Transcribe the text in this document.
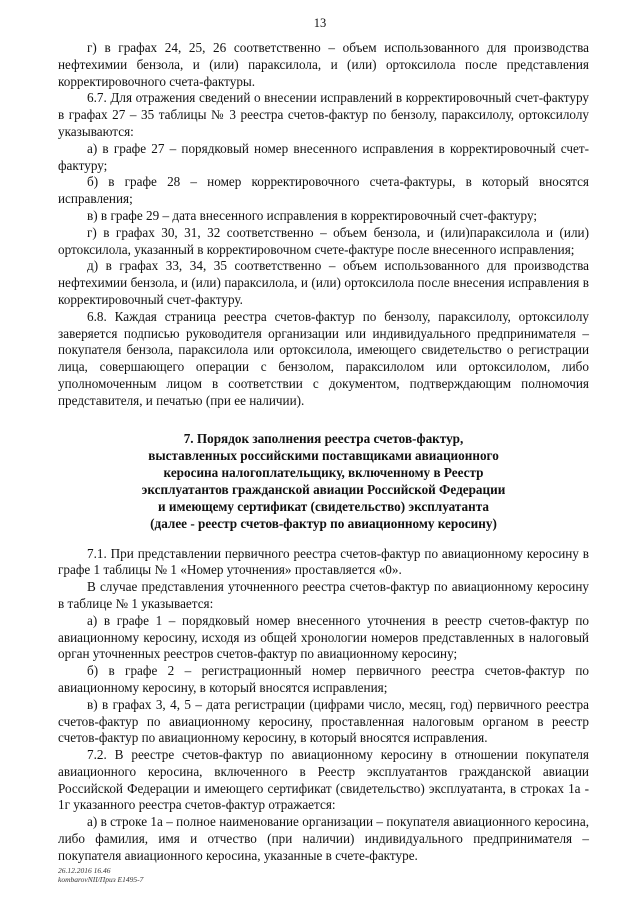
13

г) в графах 24, 25, 26 соответственно – объем использованного для производства нефтехимии бензола, и (или) параксилола, и (или) ортоксилола после представления корректировочного счета-фактуры.

6.7. Для отражения сведений о внесении исправлений в корректировочный счет-фактуру в графах 27 – 35 таблицы № 3 реестра счетов-фактур по бензолу, параксилолу, ортоксилолу указываются:

а) в графе 27 – порядковый номер внесенного исправления в корректировочный счет-фактуру;

б) в графе 28 – номер корректировочного счета-фактуры, в который вносятся исправления;

в) в графе 29 – дата внесенного исправления в корректировочный счет-фактуру;

г) в графах 30, 31, 32 соответственно – объем бензола, и (или)параксилола и (или) ортоксилола, указанный в корректировочном счете-фактуре после внесенного исправления;

д) в графах 33, 34, 35 соответственно – объем использованного для производства нефтехимии бензола, и (или) параксилола, и (или) ортоксилола после внесения исправления в корректировочный счет-фактуру.

6.8. Каждая страница реестра счетов-фактур по бензолу, параксилолу, ортоксилолу заверяется подписью руководителя организации или индивидуального предпринимателя – покупателя бензола, параксилола или ортоксилола, имеющего свидетельство о регистрации лица, совершающего операции с бензолом, параксилолом или ортоксилолом, либо уполномоченным лицом в соответствии с документом, подтверждающим полномочия представителя, и печатью (при ее наличии).

7. Порядок заполнения реестра счетов-фактур,
выставленных российскими поставщиками авиационного
керосина налогоплательщику, включенному в Реестр
эксплуатантов гражданской авиации Российской Федерации
и имеющему сертификат (свидетельство) эксплуатанта
(далее - реестр счетов-фактур по авиационному керосину)

7.1. При представлении первичного реестра счетов-фактур по авиационному керосину в графе 1 таблицы № 1 «Номер уточнения» проставляется «0».

В случае представления уточненного реестра счетов-фактур по авиационному керосину в таблице № 1 указывается:

а) в графе 1 – порядковый номер внесенного уточнения в реестр счетов-фактур по авиационному керосину, исходя из общей хронологии номеров представленных в налоговый орган уточненных реестров счетов-фактур по авиационному керосину;

б) в графе 2 – регистрационный номер первичного реестра счетов-фактур по авиационному керосину, в который вносятся исправления;

в) в графах 3, 4, 5 – дата регистрации (цифрами число, месяц, год) первичного реестра счетов-фактур по авиационному керосину, проставленная налоговым органом в реестр счетов-фактур по авиационному керосину, в который вносятся исправления.

7.2. В реестре счетов-фактур по авиационному керосину в отношении покупателя авиационного керосина, включенного в Реестр эксплуатантов гражданской авиации Российской Федерации и имеющего сертификат (свидетельство) эксплуатанта, в строках 1а - 1г указанного реестра счетов-фактур отражается:

а) в строке 1а – полное наименование организации – покупателя авиационного керосина, либо фамилия, имя и отчество (при наличии) индивидуального предпринимателя – покупателя авиационного керосина, указанные в счете-фактуре.

26.12.2016 16.46
kombarovNII/Приз E1495-7
